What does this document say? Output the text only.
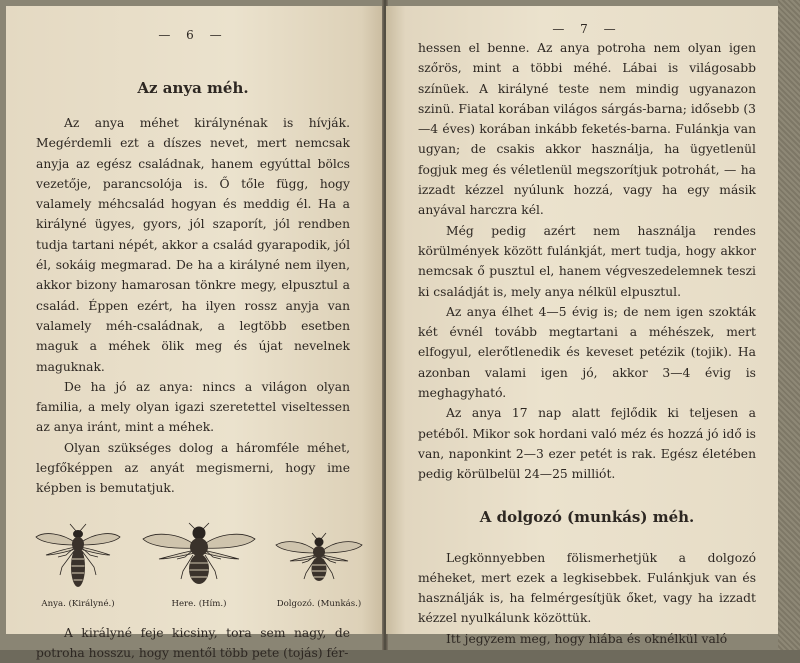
— 6 —
Az anya méh.

Az anya méhet királynénak is hívják. Megérdemli ezt a díszes nevet, mert nemcsak anyja az egész családnak, hanem egyúttal bölcs vezetője, parancsolója is. Ő tőle függ, hogy valamely méhcsalád hogyan és meddig él. Ha a királyné ügyes, gyors, jól szaporít, jól rendben tudja tartani népét, akkor a család gyarapodik, jól él, sokáig megmarad. De ha a királyné nem ilyen, akkor bizony hamarosan tönkre megy, elpusztul a család. Éppen ezért, ha ilyen rossz anyja van valamely méh-családnak, a legtöbb esetben maguk a méhek ölik meg és újat nevelnek maguknak.

De ha jó az anya: nincs a világon olyan familia, a mely olyan igazi szeretettel viseltessen az anya iránt, mint a méhek.

Olyan szükséges dolog a háromféle méhet, legfőképpen az anyát megismerni, hogy ime képben is bemutatjuk.

Anya. (Királyné.)	Here. (Hím.)	Dolgozó. (Munkás.)

A királyné feje kicsiny, tora sem nagy, de potroha hosszu, hogy mentől több pete (tojás) fér-

— 7 —

hessen el benne. Az anya potroha nem olyan igen szőrös, mint a többi méhé. Lábai is világosabb színüek. A királyné teste nem mindig ugyanazon szinü. Fiatal korában világos sárgás-barna; idősebb (3—4 éves) korában inkább feketés-barna. Fulánkja van ugyan; de csakis akkor használja, ha ügyetlenül fogjuk meg és véletlenül megszorítjuk potrohát, — ha izzadt kézzel nyúlunk hozzá, vagy ha egy másik anyával harczra kél.

Még pedig azért nem használja rendes körülmények között fulánkját, mert tudja, hogy akkor nemcsak ő pusztul el, hanem végveszedelemnek teszi ki családját is, mely anya nélkül elpusztul.

Az anya élhet 4—5 évig is; de nem igen szokták két évnél tovább megtartani a méhészek, mert elfogyul, elerőtlenedik és keveset petézik (tojik). Ha azonban valami igen jó, akkor 3—4 évig is meghagyható.

Az anya 17 nap alatt fejlődik ki teljesen a petéből. Mikor sok hordani való méz és hozzá jó idő is van, naponkint 2—3 ezer petét is rak. Egész életében pedig körülbelül 24—25 milliót.

A dolgozó (munkás) méh.

Legkönnyebben fölismerhetjük a dolgozó méheket, mert ezek a legkisebbek. Fulánkjuk van és használják is, ha felmérgesítjük őket, vagy ha izzadt kézzel nyulkálunk közöttük.

Itt jegyzem meg, hogy hiába és oknélkül való
